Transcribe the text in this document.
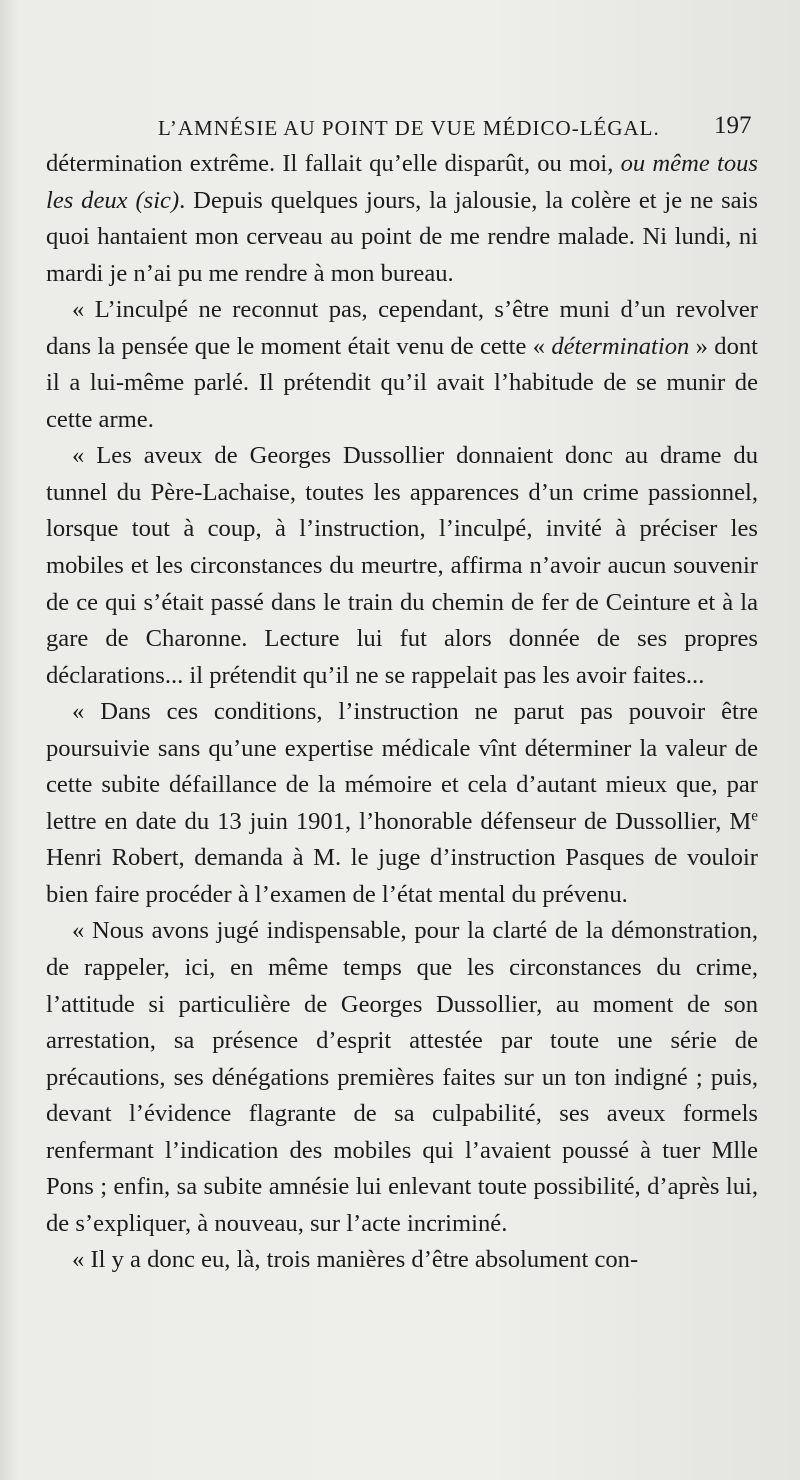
L’AMNÉSIE AU POINT DE VUE MÉDICO-LÉGAL. 197

détermination extrême. Il fallait qu’elle disparût, ou moi, ou même tous les deux (sic). Depuis quelques jours, la jalousie, la colère et je ne sais quoi hantaient mon cerveau au point de me rendre malade. Ni lundi, ni mardi je n’ai pu me rendre à mon bureau.

« L’inculpé ne reconnut pas, cependant, s’être muni d’un revolver dans la pensée que le moment était venu de cette « détermination » dont il a lui-même parlé. Il prétendit qu’il avait l’habitude de se munir de cette arme.

« Les aveux de Georges Dussollier donnaient donc au drame du tunnel du Père-Lachaise, toutes les apparences d’un crime passionnel, lorsque tout à coup, à l’instruction, l’inculpé, invité à préciser les mobiles et les circonstances du meurtre, affirma n’avoir aucun souvenir de ce qui s’était passé dans le train du chemin de fer de Ceinture et à la gare de Charonne. Lecture lui fut alors donnée de ses propres déclarations... il prétendit qu’il ne se rappelait pas les avoir faites...

« Dans ces conditions, l’instruction ne parut pas pouvoir être poursuivie sans qu’une expertise médicale vînt déterminer la valeur de cette subite défaillance de la mémoire et cela d’autant mieux que, par lettre en date du 13 juin 1901, l’honorable défenseur de Dussollier, Me Henri Robert, demanda à M. le juge d’instruction Pasques de vouloir bien faire procéder à l’examen de l’état mental du prévenu.

« Nous avons jugé indispensable, pour la clarté de la démonstration, de rappeler, ici, en même temps que les circonstances du crime, l’attitude si particulière de Georges Dussollier, au moment de son arrestation, sa présence d’esprit attestée par toute une série de précautions, ses dénégations premières faites sur un ton indigné ; puis, devant l’évidence flagrante de sa culpabilité, ses aveux formels renfermant l’indication des mobiles qui l’avaient poussé à tuer Mlle Pons ; enfin, sa subite amnésie lui enlevant toute possibilité, d’après lui, de s’expliquer, à nouveau, sur l’acte incriminé.

« Il y a donc eu, là, trois manières d’être absolument con-
